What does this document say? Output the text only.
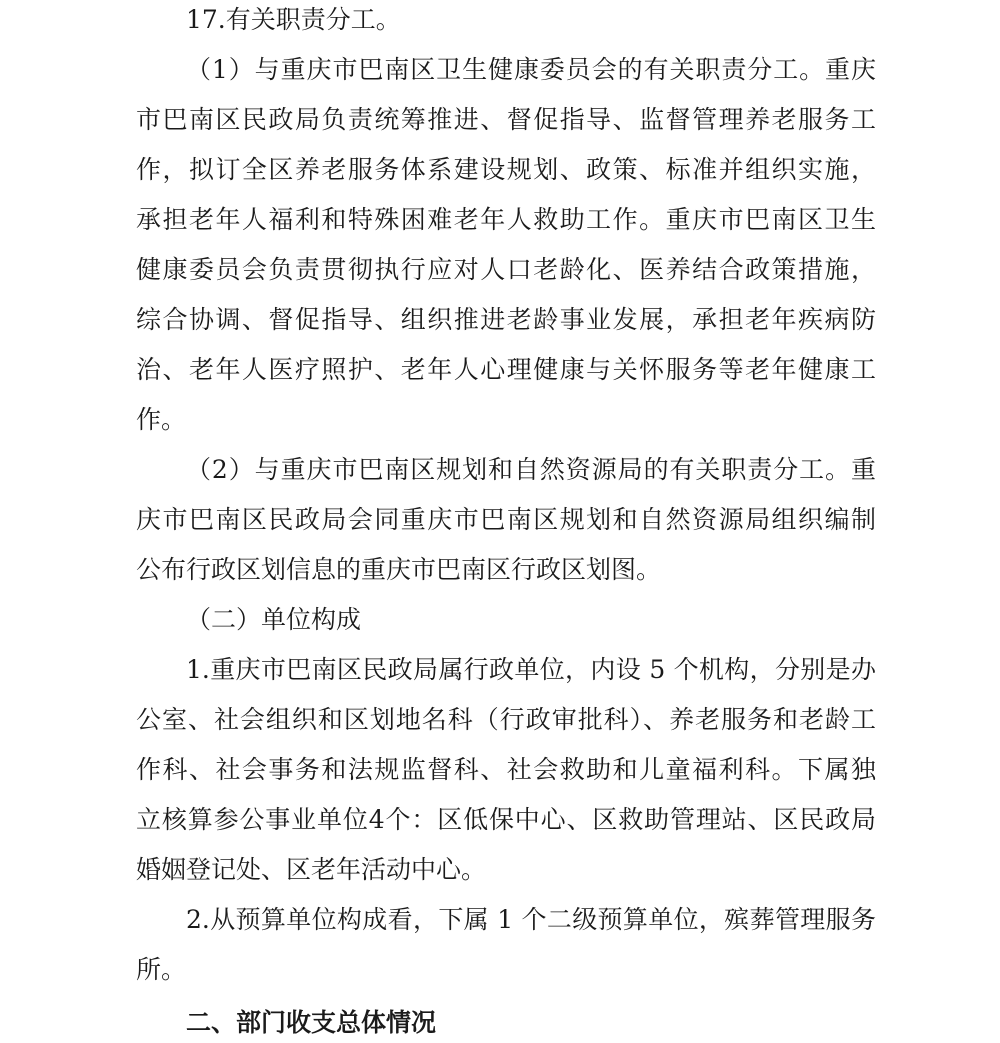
17.有关职责分工。
（1）与重庆市巴南区卫生健康委员会的有关职责分工。重庆
市巴南区民政局负责统筹推进、督促指导、监督管理养老服务工
作，拟订全区养老服务体系建设规划、政策、标准并组织实施，
承担老年人福利和特殊困难老年人救助工作。重庆市巴南区卫生
健康委员会负责贯彻执行应对人口老龄化、医养结合政策措施，
综合协调、督促指导、组织推进老龄事业发展，承担老年疾病防
治、老年人医疗照护、老年人心理健康与关怀服务等老年健康工
作。
（2）与重庆市巴南区规划和自然资源局的有关职责分工。重
庆市巴南区民政局会同重庆市巴南区规划和自然资源局组织编制
公布行政区划信息的重庆市巴南区行政区划图。
（二）单位构成
1.重庆市巴南区民政局属行政单位，内设 5 个机构，分别是办
公室、社会组织和区划地名科（行政审批科）、养老服务和老龄工
作科、社会事务和法规监督科、社会救助和儿童福利科。下属独
立核算参公事业单位4个：区低保中心、区救助管理站、区民政局
婚姻登记处、区老年活动中心。
2.从预算单位构成看，下属 1 个二级预算单位，殡葬管理服务
所。
二、部门收支总体情况
